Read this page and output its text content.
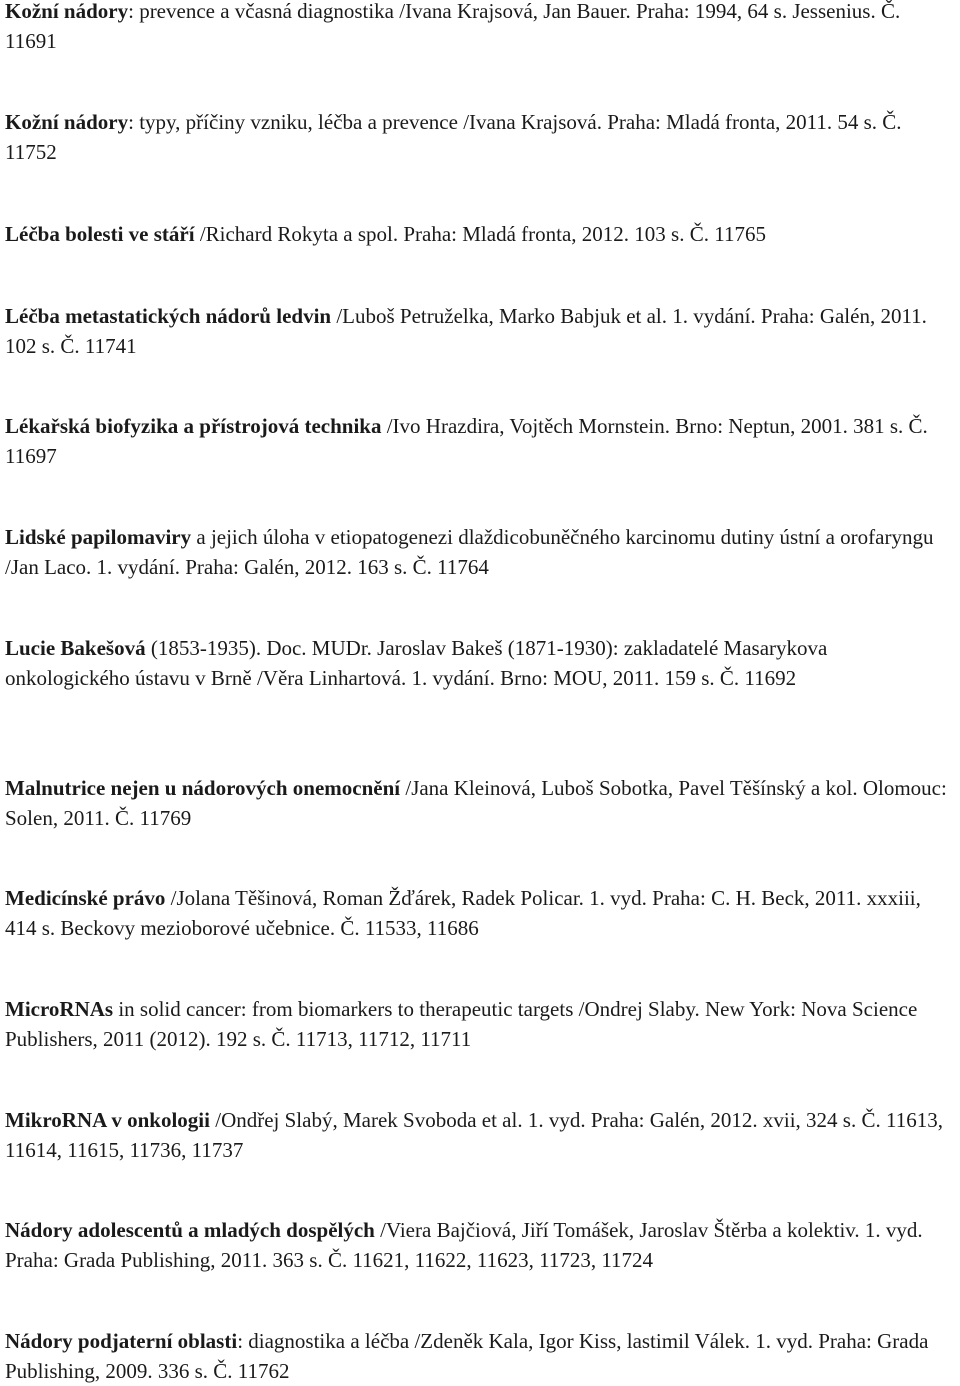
Kožní nádory: prevence a včasná diagnostika /Ivana Krajsová, Jan Bauer. Praha: 1994, 64 s. Jessenius. Č. 11691

Kožní nádory: typy, příčiny vzniku, léčba a prevence /Ivana Krajsová. Praha: Mladá fronta, 2011. 54 s. Č. 11752

Léčba bolesti ve stáří /Richard Rokyta a spol. Praha: Mladá fronta, 2012. 103 s. Č. 11765

Léčba metastatických nádorů ledvin /Luboš Petruželka, Marko Babjuk et al. 1. vydání. Praha: Galén, 2011. 102 s. Č. 11741

Lékařská biofyzika a přístrojová technika /Ivo Hrazdira, Vojtěch Mornstein. Brno: Neptun, 2001. 381 s. Č. 11697

Lidské papilomaviry a jejich úloha v etiopatogenezi dlaždicobuněčného karcinomu dutiny ústní a orofaryngu /Jan Laco. 1. vydání. Praha: Galén, 2012. 163 s. Č. 11764

Lucie Bakešová (1853-1935). Doc. MUDr. Jaroslav Bakeš (1871-1930): zakladatelé Masarykova onkologického ústavu v Brně /Věra Linhartová. 1. vydání. Brno: MOU, 2011. 159 s. Č. 11692

Malnutrice nejen u nádorových onemocnění /Jana Kleinová, Luboš Sobotka, Pavel Těšínský a kol. Olomouc: Solen, 2011. Č. 11769

Medicínské právo /Jolana Těšinová, Roman Žďárek, Radek Policar. 1. vyd. Praha: C. H. Beck, 2011. xxxiii, 414 s. Beckovy mezioborové učebnice. Č. 11533, 11686

MicroRNAs in solid cancer: from biomarkers to therapeutic targets /Ondrej Slaby. New York: Nova Science Publishers, 2011 (2012). 192 s. Č. 11713, 11712, 11711

MikroRNA v onkologii /Ondřej Slabý, Marek Svoboda et al. 1. vyd. Praha: Galén, 2012. xvii, 324 s. Č. 11613, 11614, 11615, 11736, 11737

Nádory adolescentů a mladých dospělých /Viera Bajčiová, Jiří Tomášek, Jaroslav Štěrba a kolektiv. 1. vyd. Praha: Grada Publishing, 2011. 363 s. Č. 11621, 11622, 11623, 11723, 11724

Nádory podjaterní oblasti: diagnostika a léčba /Zdeněk Kala, Igor Kiss, lastimil Válek. 1. vyd. Praha: Grada Publishing, 2009. 336 s. Č. 11762
